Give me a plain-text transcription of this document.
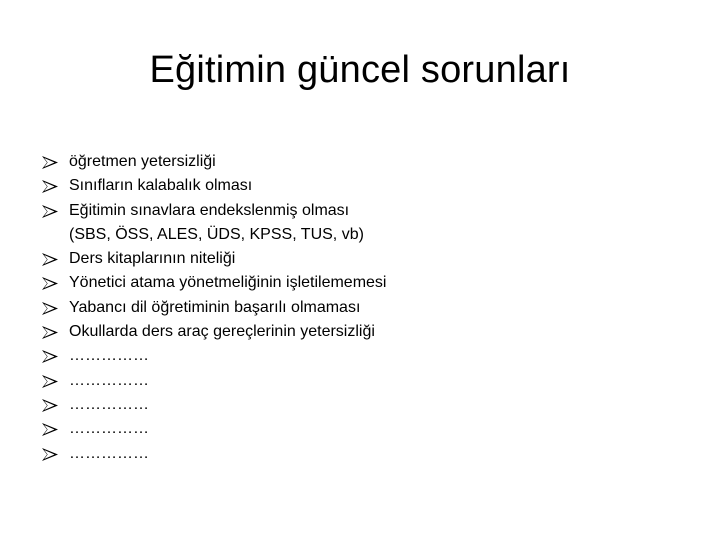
Eğitimin güncel sorunları
öğretmen yetersizliği
Sınıfların kalabalık olması
Eğitimin sınavlara endekslenmiş olması
(SBS, ÖSS, ALES, ÜDS, KPSS, TUS, vb)
Ders kitaplarının niteliği
Yönetici atama yönetmeliğinin işletilememesi
Yabancı dil öğretiminin başarılı olmaması
Okullarda ders araç gereçlerinin yetersizliği
……………
……………
……………
……………
……………
